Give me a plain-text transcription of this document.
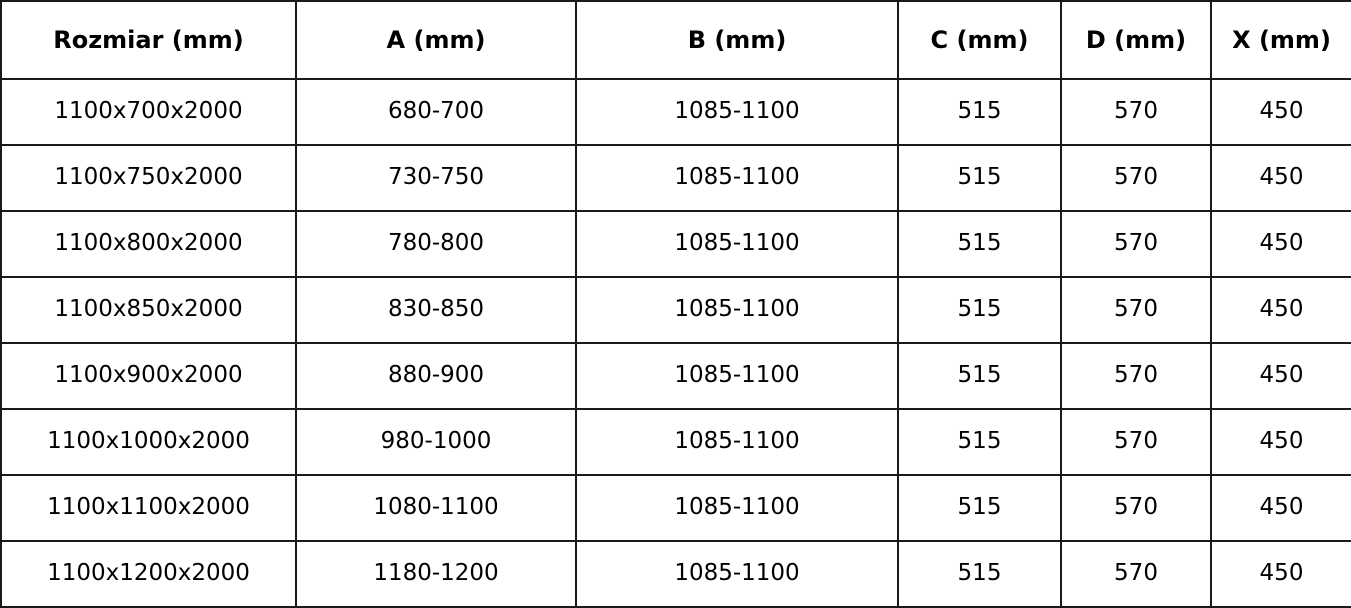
Rozmiar (mm)	A (mm)	B (mm)	C (mm)	D (mm)	X (mm)
1100x700x2000	680-700	1085-1100	515	570	450
1100x750x2000	730-750	1085-1100	515	570	450
1100x800x2000	780-800	1085-1100	515	570	450
1100x850x2000	830-850	1085-1100	515	570	450
1100x900x2000	880-900	1085-1100	515	570	450
1100x1000x2000	980-1000	1085-1100	515	570	450
1100x1100x2000	1080-1100	1085-1100	515	570	450
1100x1200x2000	1180-1200	1085-1100	515	570	450
